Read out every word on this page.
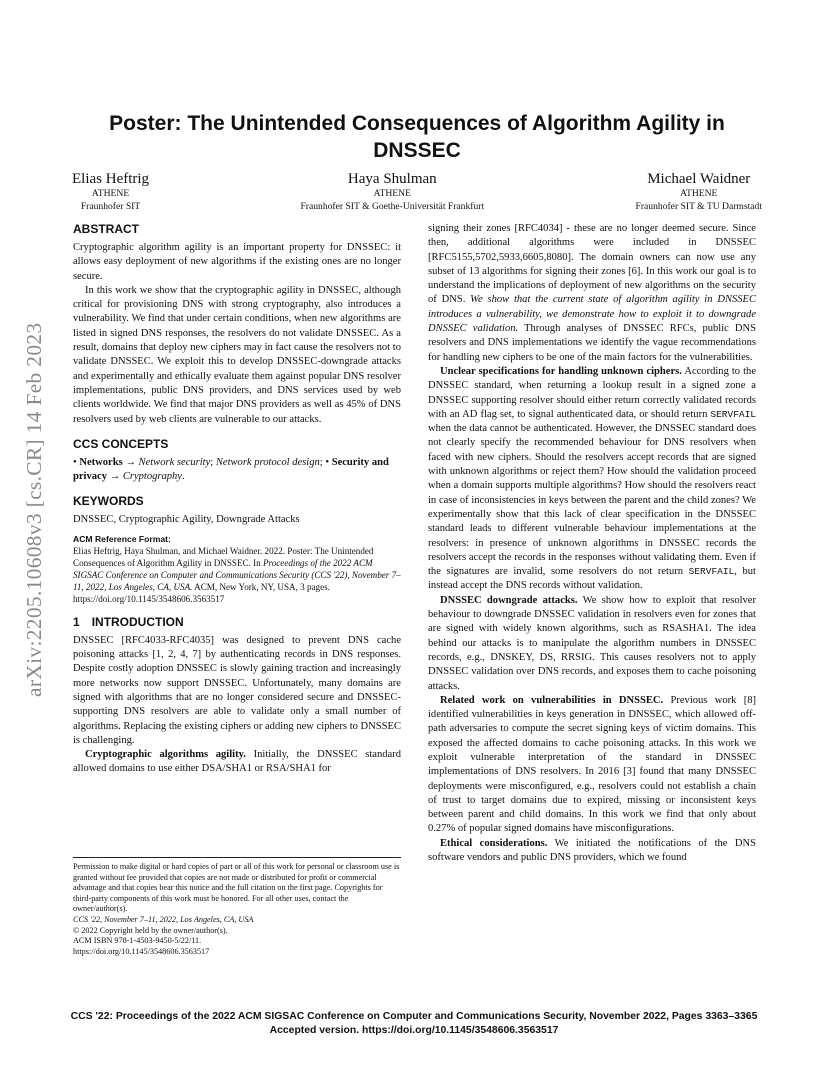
arXiv:2205.10608v3 [cs.CR] 14 Feb 2023
Poster: The Unintended Consequences of Algorithm Agility in DNSSEC
Elias Heftrig
ATHENE
Fraunhofer SIT
Haya Shulman
ATHENE
Fraunhofer SIT & Goethe-Universität Frankfurt
Michael Waidner
ATHENE
Fraunhofer SIT & TU Darmstadt
ABSTRACT

Cryptographic algorithm agility is an important property for DNSSEC: it allows easy deployment of new algorithms if the existing ones are no longer secure.

In this work we show that the cryptographic agility in DNSSEC, although critical for provisioning DNS with strong cryptography, also introduces a vulnerability. We find that under certain conditions, when new algorithms are listed in signed DNS responses, the resolvers do not validate DNSSEC. As a result, domains that deploy new ciphers may in fact cause the resolvers not to validate DNSSEC. We exploit this to develop DNSSEC-downgrade attacks and experimentally and ethically evaluate them against popular DNS resolver implementations, public DNS providers, and DNS services used by web clients worldwide. We find that major DNS providers as well as 45% of DNS resolvers used by web clients are vulnerable to our attacks.

CCS CONCEPTS

• Networks → Network security; Network protocol design; • Security and privacy → Cryptography.

KEYWORDS

DNSSEC, Cryptographic Agility, Downgrade Attacks

ACM Reference Format:

Elias Heftrig, Haya Shulman, and Michael Waidner. 2022. Poster: The Unintended Consequences of Algorithm Agility in DNSSEC. In Proceedings of the 2022 ACM SIGSAC Conference on Computer and Communications Security (CCS '22), November 7–11, 2022, Los Angeles, CA, USA. ACM, New York, NY, USA, 3 pages. https://doi.org/10.1145/3548606.3563517

1 INTRODUCTION

DNSSEC [RFC4033-RFC4035] was designed to prevent DNS cache poisoning attacks [1, 2, 4, 7] by authenticating records in DNS responses. Despite costly adoption DNSSEC is slowly gaining traction and increasingly more networks now support DNSSEC. Unfortunately, many domains are signed with algorithms that are no longer considered secure and DNSSEC-supporting DNS resolvers are able to validate only a small number of algorithms. Replacing the existing ciphers or adding new ciphers to DNSSEC is challenging.

Cryptographic algorithms agility. Initially, the DNSSEC standard allowed domains to use either DSA/SHA1 or RSA/SHA1 for

signing their zones [RFC4034] - these are no longer deemed secure. Since then, additional algorithms were included in DNSSEC [RFC5155,5702,5933,6605,8080]. The domain owners can now use any subset of 13 algorithms for signing their zones [6]. In this work our goal is to understand the implications of deployment of new algorithms on the security of DNS. We show that the current state of algorithm agility in DNSSEC introduces a vulnerability, we demonstrate how to exploit it to downgrade DNSSEC validation. Through analyses of DNSSEC RFCs, public DNS resolvers and DNS implementations we identify the vague recommendations for handling new ciphers to be one of the main factors for the vulnerabilities.

Unclear specifications for handling unknown ciphers. According to the DNSSEC standard, when returning a lookup result in a signed zone a DNSSEC supporting resolver should either return correctly validated records with an AD flag set, to signal authenticated data, or should return SERVFAIL when the data cannot be authenticated. However, the DNSSEC standard does not clearly specify the recommended behaviour for DNS resolvers when faced with new ciphers. Should the resolvers accept records that are signed with unknown algorithms or reject them? How should the validation proceed when a domain supports multiple algorithms? How should the resolvers react in case of inconsistencies in keys between the parent and the child zones? We experimentally show that this lack of clear specification in the DNSSEC standard leads to different vulnerable behaviour implementations at the resolvers: in presence of unknown algorithms in DNSSEC records the resolvers accept the records in the responses without validating them. Even if the signatures are invalid, some resolvers do not return SERVFAIL, but instead accept the DNS records without validation.

DNSSEC downgrade attacks. We show how to exploit that resolver behaviour to downgrade DNSSEC validation in resolvers even for zones that are signed with widely known algorithms, such as RSASHA1. The idea behind our attacks is to manipulate the algorithm numbers in DNSSEC records, e.g., DNSKEY, DS, RRSIG. This causes resolvers not to apply DNSSEC validation over DNS records, and exposes them to cache poisoning attacks.

Related work on vulnerabilities in DNSSEC. Previous work [8] identified vulnerabilities in keys generation in DNSSEC, which allowed off-path adversaries to compute the secret signing keys of victim domains. This exposed the affected domains to cache poisoning attacks. In this work we exploit vulnerable interpretation of the standard in DNSSEC implementations of DNS resolvers. In 2016 [3] found that many DNSSEC deployments were misconfigured, e.g., resolvers could not establish a chain of trust to target domains due to expired, missing or inconsistent keys between parent and child domains. In this work we find that only about 0.27% of popular signed domains have misconfigurations.

Ethical considerations. We initiated the notifications of the DNS software vendors and public DNS providers, which we found

Permission to make digital or hard copies of part or all of this work for personal or classroom use is granted without fee provided that copies are not made or distributed for profit or commercial advantage and that copies bear this notice and the full citation on the first page. Copyrights for third-party components of this work must be honored. For all other uses, contact the owner/author(s).
CCS '22, November 7–11, 2022, Los Angeles, CA, USA
© 2022 Copyright held by the owner/author(s).
ACM ISBN 978-1-4503-9450-5/22/11.
https://doi.org/10.1145/3548606.3563517
CCS '22: Proceedings of the 2022 ACM SIGSAC Conference on Computer and Communications Security, November 2022, Pages 3363–3365
Accepted version. https://doi.org/10.1145/3548606.3563517
